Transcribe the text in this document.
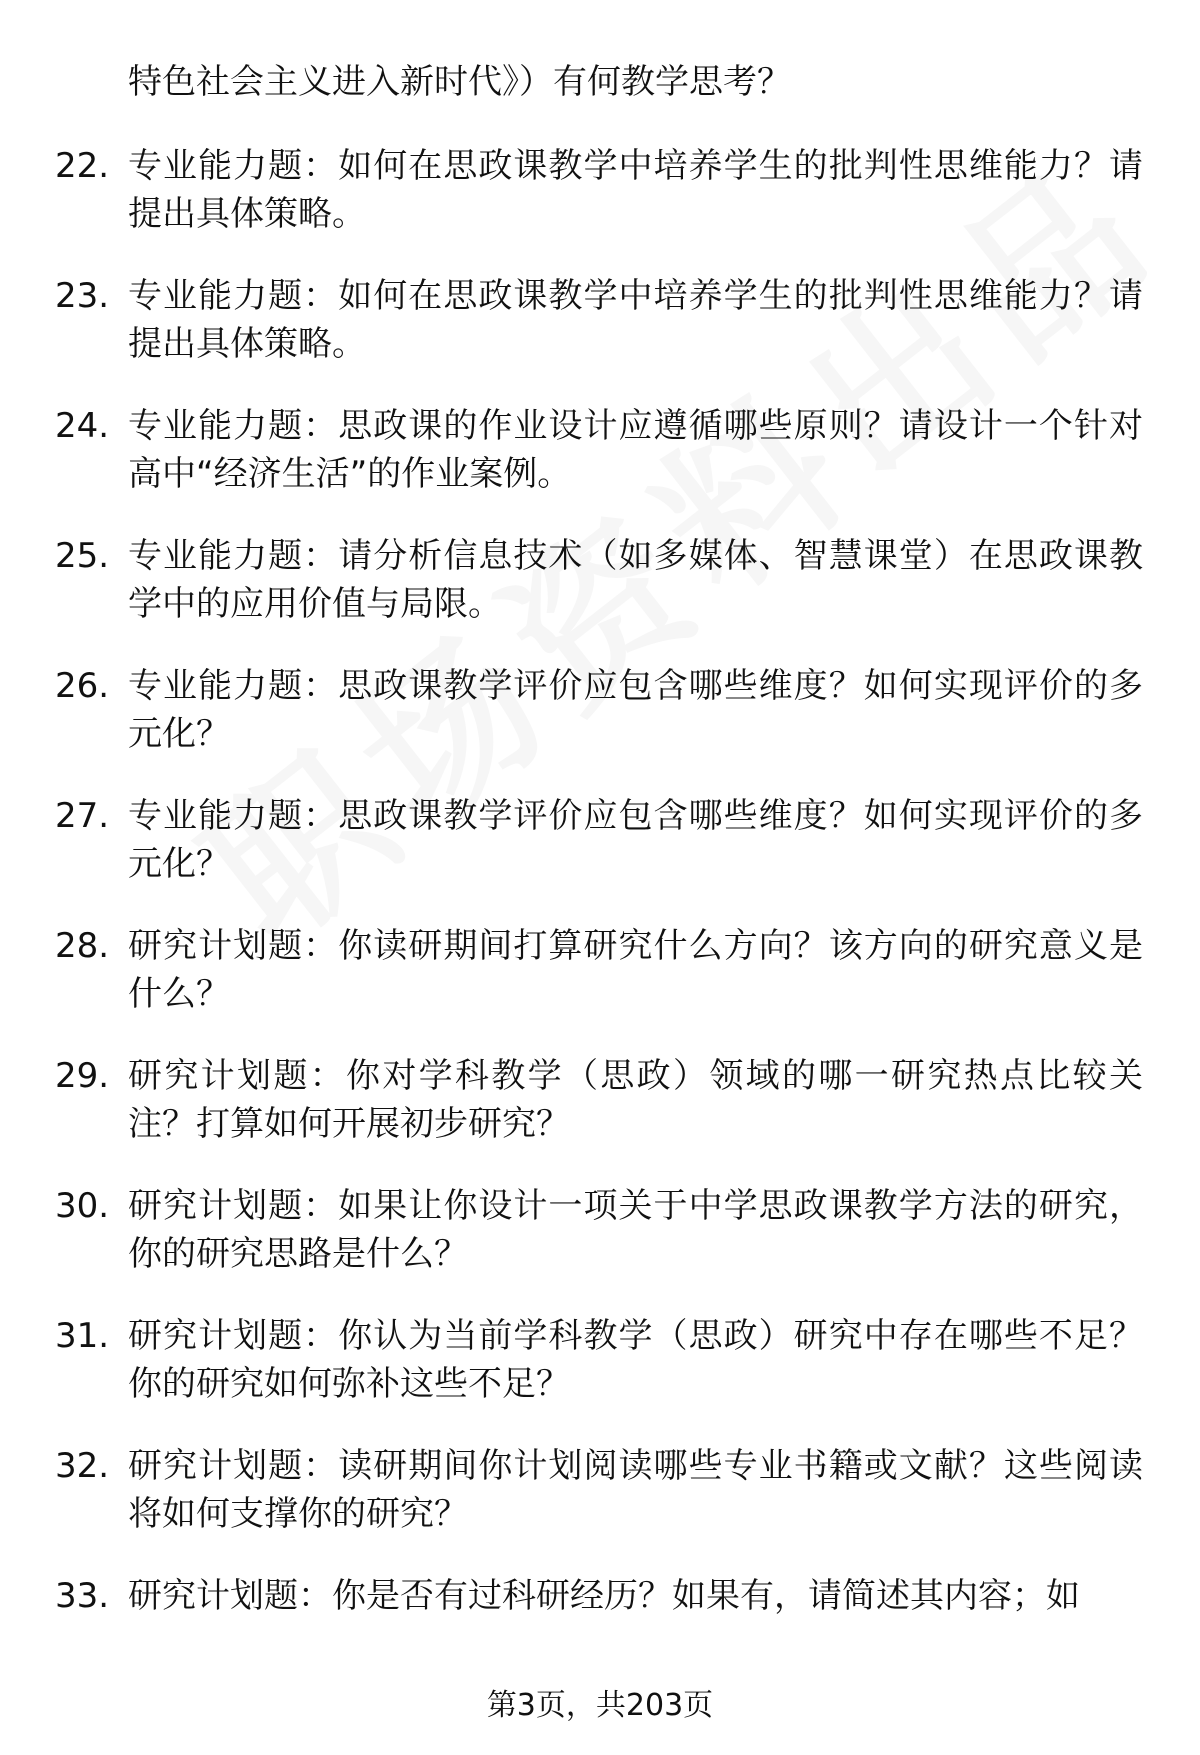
特色社会主义进入新时代》）有何教学思考？
22. 专业能力题：如何在思政课教学中培养学生的批判性思维能力？请提出具体策略。
23. 专业能力题：如何在思政课教学中培养学生的批判性思维能力？请提出具体策略。
24. 专业能力题：思政课的作业设计应遵循哪些原则？请设计一个针对高中“经济生活”的作业案例。
25. 专业能力题：请分析信息技术（如多媒体、智慧课堂）在思政课教学中的应用价值与局限。
26. 专业能力题：思政课教学评价应包含哪些维度？如何实现评价的多元化？
27. 专业能力题：思政课教学评价应包含哪些维度？如何实现评价的多元化？
28. 研究计划题：你读研期间打算研究什么方向？该方向的研究意义是什么？
29. 研究计划题：你对学科教学（思政）领域的哪一研究热点比较关注？打算如何开展初步研究？
30. 研究计划题：如果让你设计一项关于中学思政课教学方法的研究，你的研究思路是什么？
31. 研究计划题：你认为当前学科教学（思政）研究中存在哪些不足？你的研究如何弥补这些不足？
32. 研究计划题：读研期间你计划阅读哪些专业书籍或文献？这些阅读将如何支撑你的研究？
33. 研究计划题：你是否有过科研经历？如果有，请简述其内容；如
第3页，共203页
